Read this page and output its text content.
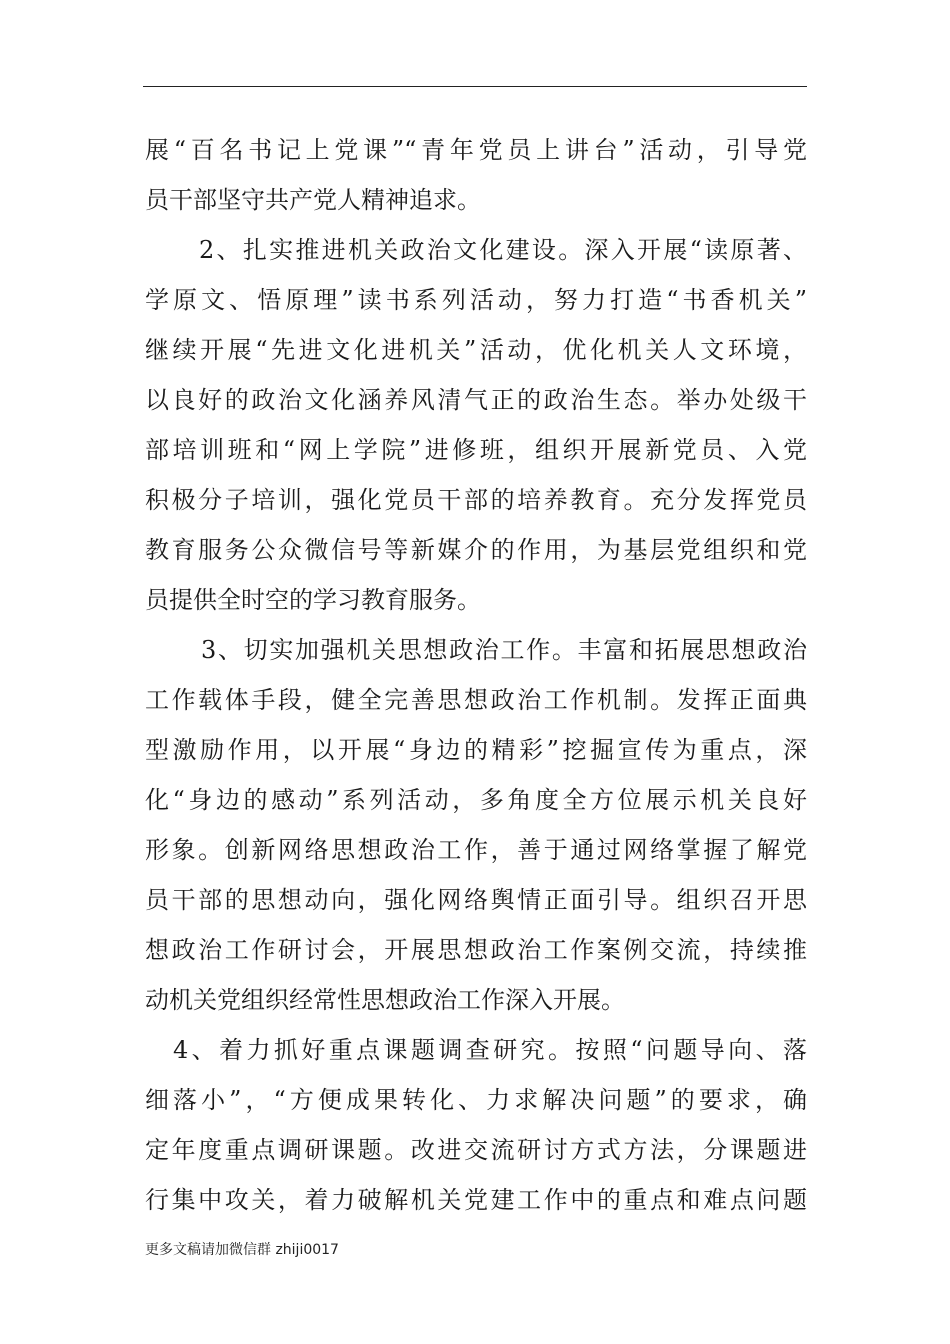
展“百名书记上党课”“青年党员上讲台”活动，引导党
员干部坚守共产党人精神追求。
2、扎实推进机关政治文化建设。深入开展“读原著、
学原文、悟原理”读书系列活动，努力打造“书香机关”
继续开展“先进文化进机关”活动，优化机关人文环境，
以良好的政治文化涵养风清气正的政治生态。举办处级干
部培训班和“网上学院”进修班，组织开展新党员、入党
积极分子培训，强化党员干部的培养教育。充分发挥党员
教育服务公众微信号等新媒介的作用，为基层党组织和党
员提供全时空的学习教育服务。
3、切实加强机关思想政治工作。丰富和拓展思想政治
工作载体手段，健全完善思想政治工作机制。发挥正面典
型激励作用，以开展“身边的精彩”挖掘宣传为重点，深
化“身边的感动”系列活动，多角度全方位展示机关良好
形象。创新网络思想政治工作，善于通过网络掌握了解党
员干部的思想动向，强化网络舆情正面引导。组织召开思
想政治工作研讨会，开展思想政治工作案例交流，持续推
动机关党组织经常性思想政治工作深入开展。
4、着力抓好重点课题调查研究。按照“问题导向、落
细落小”，“方便成果转化、力求解决问题”的要求，确
定年度重点调研课题。改进交流研讨方式方法，分课题进
行集中攻关，着力破解机关党建工作中的重点和难点问题
更多文稿请加微信群 zhiji0017
